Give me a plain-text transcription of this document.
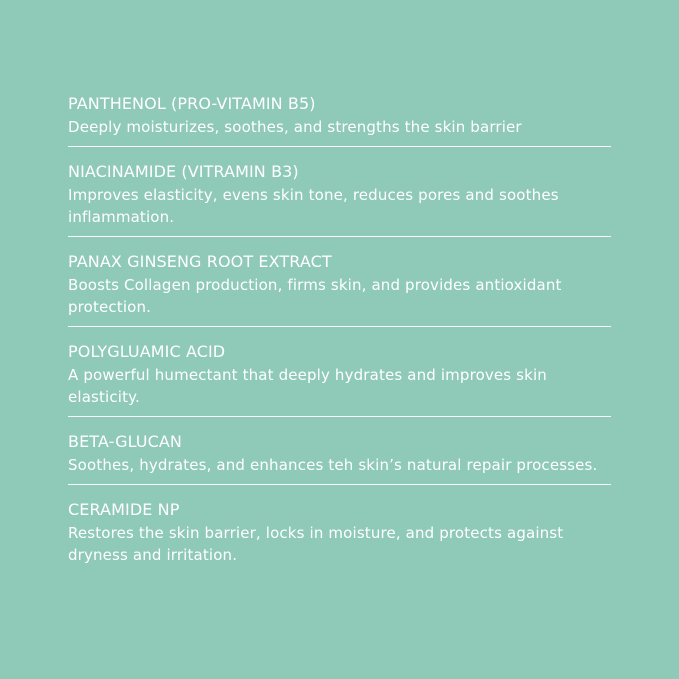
PANTHENOL (PRO-VITAMIN B5)
Deeply moisturizes, soothes, and strengths the skin barrier
NIACINAMIDE (VITRAMIN B3)
Improves elasticity, evens skin tone, reduces pores and soothes inflammation.
PANAX GINSENG ROOT EXTRACT
Boosts Collagen production, firms skin, and provides antioxidant protection.
POLYGLUAMIC ACID
A powerful humectant that deeply hydrates and improves skin elasticity.
BETA-GLUCAN
Soothes, hydrates, and enhances teh skin’s natural repair processes.
CERAMIDE NP
Restores the skin barrier, locks in moisture, and protects against dryness and irritation.
